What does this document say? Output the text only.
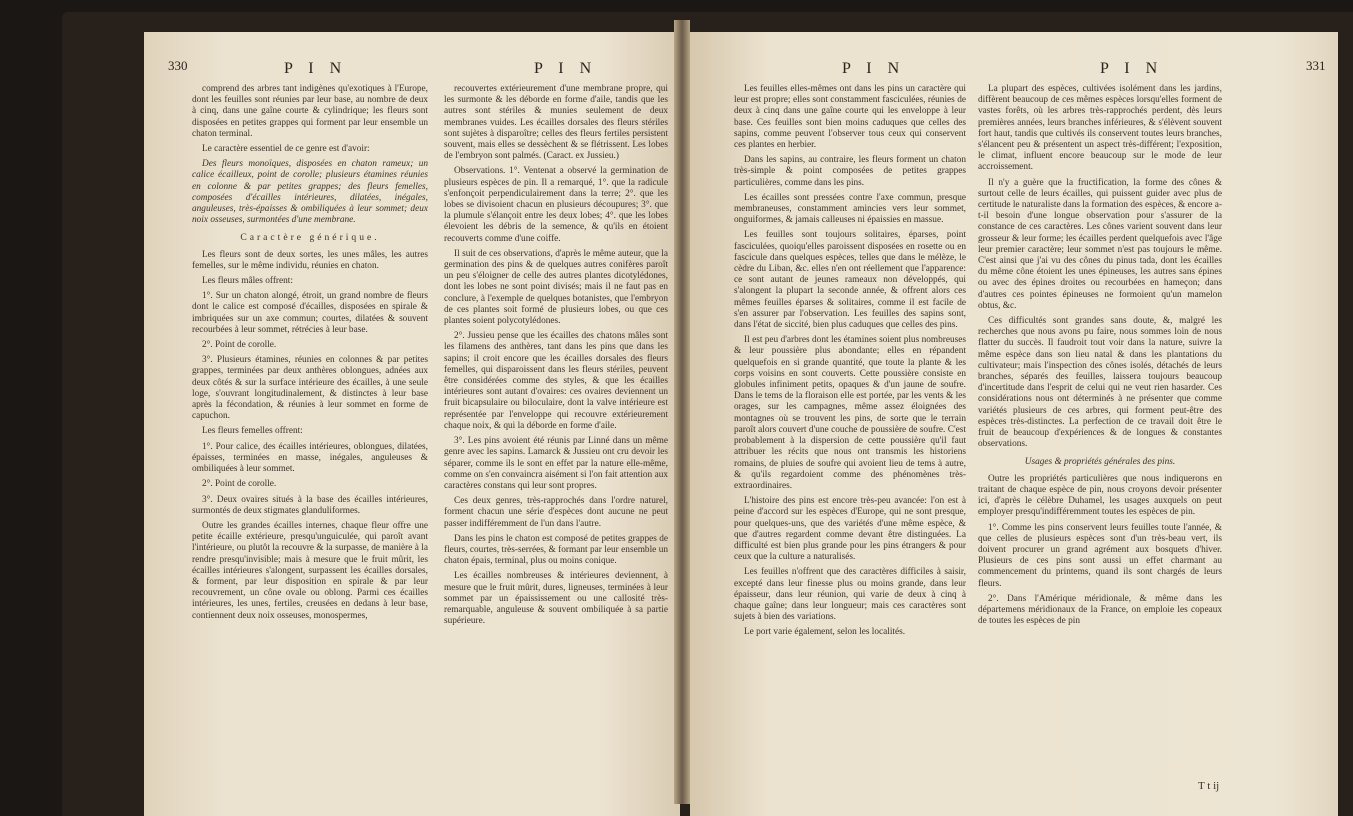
330	P I N	P I N

comprend des arbres tant indigènes qu'exotiques à l'Europe, dont les feuilles sont réunies par leur base, au nombre de deux à cinq, dans une gaîne courte & cylindrique; les fleurs sont disposées en petites grappes qui forment par leur ensemble un chaton terminal.

Le caractère essentiel de ce genre est d'avoir:

Des fleurs monoïques, disposées en chaton rameux; un calice écailleux, point de corolle; plusieurs étamines réunies en colonne & par petites grappes; des fleurs femelles, composées d'écailles intérieures, dilatées, inégales, anguleuses, très-épaisses & ombiliquées à leur sommet; deux noix osseuses, surmontées d'une membrane.

Caractère générique.

Les fleurs sont de deux sortes, les unes mâles, les autres femelles, sur le même individu, réunies en chaton.

Les fleurs mâles offrent:

1°. Sur un chaton alongé, étroit, un grand nombre de fleurs dont le calice est composé d'écailles, disposées en spirale & imbriquées sur un axe commun; courtes, dilatées & souvent recourbées à leur sommet, rétrécies à leur base.

2°. Point de corolle.

3°. Plusieurs étamines, réunies en colonnes & par petites grappes, terminées par deux anthères oblongues, adnées aux deux côtés & sur la surface intérieure des écailles, à une seule loge, s'ouvrant longitudinalement, & distinctes à leur base après la fécondation, & réunies à leur sommet en forme de capuchon.

Les fleurs femelles offrent:

1°. Pour calice, des écailles intérieures, oblongues, dilatées, épaisses, terminées en masse, inégales, anguleuses & ombiliquées à leur sommet.

2°. Point de corolle.

3°. Deux ovaires situés à la base des écailles intérieures, surmontés de deux stigmates glanduliformes.

Outre les grandes écailles internes, chaque fleur offre une petite écaille extérieure, presqu'unguiculée, qui paroît avant l'intérieure, ou plutôt la recouvre & la surpasse, de manière à la rendre presqu'invisible; mais à mesure que le fruit mûrit, les écailles intérieures s'alongent, surpassent les écailles dorsales, & forment, par leur disposition en spirale & par leur recouvrement, un cône ovale ou oblong. Parmi ces écailles intérieures, les unes, fertiles, creusées en dedans à leur base, contiennent deux noix osseuses, monospermes,

recouvertes extérieurement d'une membrane propre, qui les surmonte & les déborde en forme d'aile, tandis que les autres sont stériles & munies seulement de deux membranes vuides. Les écailles dorsales des fleurs stériles sont sujètes à disparoître; celles des fleurs fertiles persistent souvent, mais elles se dessèchent & se flétrissent. Les lobes de l'embryon sont palmés. (Caract. ex Jussieu.)

Observations. 1°. Ventenat a observé la germination de plusieurs espèces de pin. Il a remarqué, 1°. que la radicule s'enfonçoit perpendiculairement dans la terre; 2°. que les lobes se divisoient chacun en plusieurs découpures; 3°. que la plumule s'élançoit entre les deux lobes; 4°. que les lobes élevoient les débris de la semence, & qu'ils en étoient recouverts comme d'une coiffe.

Il suit de ces observations, d'après le même auteur, que la germination des pins & de quelques autres conifères paroît un peu s'éloigner de celle des autres plantes dicotylédones, dont les lobes ne sont point divisés; mais il ne faut pas en conclure, à l'exemple de quelques botanistes, que l'embryon de ces plantes soit formé de plusieurs lobes, ou que ces plantes soient polycotylédones.

2°. Jussieu pense que les écailles des chatons mâles sont les filamens des anthères, tant dans les pins que dans les sapins; il croit encore que les écailles dorsales des fleurs femelles, qui disparoissent dans les fleurs stériles, peuvent être considérées comme des styles, & que les écailles intérieures sont autant d'ovaires: ces ovaires deviennent un fruit bicapsulaire ou biloculaire, dont la valve intérieure est représentée par l'enveloppe qui recouvre extérieurement chaque noix, & qui la déborde en forme d'aile.

3°. Les pins avoient été réunis par Linné dans un même genre avec les sapins. Lamarck & Jussieu ont cru devoir les séparer, comme ils le sont en effet par la nature elle-même, comme on s'en convaincra aisément si l'on fait attention aux caractères constans qui leur sont propres.

Ces deux genres, très-rapprochés dans l'ordre naturel, forment chacun une série d'espèces dont aucune ne peut passer indifféremment de l'un dans l'autre.

Dans les pins le chaton est composé de petites grappes de fleurs, courtes, très-serrées, & formant par leur ensemble un chaton épais, terminal, plus ou moins conique.

Les écailles nombreuses & intérieures deviennent, à mesure que le fruit mûrit, dures, ligneuses, terminées à leur sommet par un épaississement ou une callosité très-remarquable, anguleuse & souvent ombiliquée à sa partie supérieure.

P I N	P I N	331

Les feuilles elles-mêmes ont dans les pins un caractère qui leur est propre; elles sont constamment fasciculées, réunies de deux à cinq dans une gaîne courte qui les enveloppe à leur base. Ces feuilles sont bien moins caduques que celles des sapins, comme peuvent l'observer tous ceux qui conservent ces plantes en herbier.

Dans les sapins, au contraire, les fleurs forment un chaton très-simple & point composées de petites grappes particulières, comme dans les pins.

Les écailles sont pressées contre l'axe commun, presque membraneuses, constamment amincies vers leur sommet, onguiformes, & jamais calleuses ni épaissies en massue.

Les feuilles sont toujours solitaires, éparses, point fasciculées, quoiqu'elles paroissent disposées en rosette ou en fascicule dans quelques espèces, telles que dans le mélèze, le cèdre du Liban, &c. elles n'en ont réellement que l'apparence: ce sont autant de jeunes rameaux non développés, qui s'alongent la plupart la seconde année, & offrent alors ces mêmes feuilles éparses & solitaires, comme il est facile de s'en assurer par l'observation. Les feuilles des sapins sont, dans l'état de siccité, bien plus caduques que celles des pins.

Il est peu d'arbres dont les étamines soient plus nombreuses & leur poussière plus abondante; elles en répandent quelquefois en si grande quantité, que toute la plante & les corps voisins en sont couverts. Cette poussière consiste en globules infiniment petits, opaques & d'un jaune de soufre. Dans le tems de la floraison elle est portée, par les vents & les orages, sur les campagnes, même assez éloignées des montagnes où se trouvent les pins, de sorte que le terrain paroît alors couvert d'une couche de poussière de soufre. C'est probablement à la dispersion de cette poussière qu'il faut attribuer les récits que nous ont transmis les historiens romains, de pluies de soufre qui avoient lieu de tems à autre, & qu'ils regardoient comme des phénomènes très-extraordinaires.

L'histoire des pins est encore très-peu avancée: l'on est à peine d'accord sur les espèces d'Europe, qui ne sont presque, pour quelques-uns, que des variétés d'une même espèce, & que d'autres regardent comme devant être distinguées. La difficulté est bien plus grande pour les pins étrangers & pour ceux que la culture a naturalisés.

Les feuilles n'offrent que des caractères difficiles à saisir, excepté dans leur finesse plus ou moins grande, dans leur épaisseur, dans leur réunion, qui varie de deux à cinq à chaque gaîne; dans leur longueur; mais ces caractères sont sujets à bien des variations.

Le port varie également, selon les localités.

La plupart des espèces, cultivées isolément dans les jardins, diffèrent beaucoup de ces mêmes espèces lorsqu'elles forment de vastes forêts, où les arbres très-rapprochés perdent, dès leurs premières années, leurs branches inférieures, & s'élèvent souvent fort haut, tandis que cultivés ils conservent toutes leurs branches, s'élancent peu & présentent un aspect très-différent; l'exposition, le climat, influent encore beaucoup sur le mode de leur accroissement.

Il n'y a guère que la fructification, la forme des cônes & surtout celle de leurs écailles, qui puissent guider avec plus de certitude le naturaliste dans la formation des espèces, & encore a-t-il besoin d'une longue observation pour s'assurer de la constance de ces caractères. Les cônes varient souvent dans leur grosseur & leur forme; les écailles perdent quelquefois avec l'âge leur premier caractère; leur sommet n'est pas toujours le même. C'est ainsi que j'ai vu des cônes du pinus tada, dont les écailles du même cône étoient les unes épineuses, les autres sans épines ou avec des épines droites ou recourbées en hameçon; dans d'autres ces pointes épineuses ne formoient qu'un mamelon obtus, &c.

Ces difficultés sont grandes sans doute, &, malgré les recherches que nous avons pu faire, nous sommes loin de nous flatter du succès. Il faudroit tout voir dans la nature, suivre la même espèce dans son lieu natal & dans les plantations du cultivateur; mais l'inspection des cônes isolés, détachés de leurs branches, séparés des feuilles, laissera toujours beaucoup d'incertitude dans l'esprit de celui qui ne veut rien hasarder. Ces considérations nous ont déterminés à ne présenter que comme variétés plusieurs de ces arbres, qui forment peut-être des espèces très-distinctes. La perfection de ce travail doit être le fruit de beaucoup d'expériences & de longues & constantes observations.

Usages & propriétés générales des pins.

Outre les propriétés particulières que nous indiquerons en traitant de chaque espèce de pin, nous croyons devoir présenter ici, d'après le célèbre Duhamel, les usages auxquels on peut employer presqu'indifféremment toutes les espèces de pin.

1°. Comme les pins conservent leurs feuilles toute l'année, & que celles de plusieurs espèces sont d'un très-beau vert, ils doivent procurer un grand agrément aux bosquets d'hiver. Plusieurs de ces pins sont aussi un effet charmant au commencement du printems, quand ils sont chargés de leurs fleurs.

2°. Dans l'Amérique méridionale, & même dans les départemens méridionaux de la France, on emploie les copeaux de toutes les espèces de pin

T t ij
